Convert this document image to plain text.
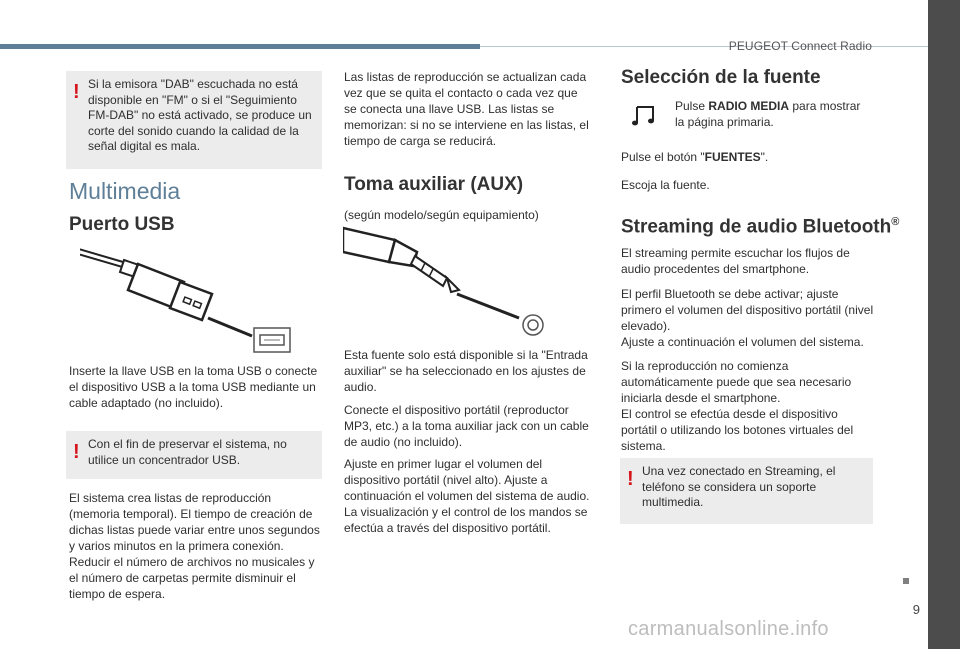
PEUGEOT Connect Radio
9
carmanualsonline.info
! Si la emisora "DAB" escuchada no está disponible en "FM" o si el "Seguimiento FM-DAB" no está activado, se produce un corte del sonido cuando la calidad de la señal digital es mala.

Multimedia
Puerto USB

Inserte la llave USB en la toma USB o conecte el dispositivo USB a la toma USB mediante un cable adaptado (no incluido).

! Con el fin de preservar el sistema, no utilice un concentrador USB.

El sistema crea listas de reproducción (memoria temporal). El tiempo de creación de dichas listas puede variar entre unos segundos y varios minutos en la primera conexión. Reducir el número de archivos no musicales y el número de carpetas permite disminuir el tiempo de espera.

Las listas de reproducción se actualizan cada vez que se quita el contacto o cada vez que se conecta una llave USB. Las listas se memorizan: si no se interviene en las listas, el tiempo de carga se reducirá.

Toma auxiliar (AUX)

(según modelo/según equipamiento)

Esta fuente solo está disponible si la "Entrada auxiliar" se ha seleccionado en los ajustes de audio.

Conecte el dispositivo portátil (reproductor MP3, etc.) a la toma auxiliar jack con un cable de audio (no incluido).

Ajuste en primer lugar el volumen del dispositivo portátil (nivel alto). Ajuste a continuación el volumen del sistema de audio. La visualización y el control de los mandos se efectúa a través del dispositivo portátil.

Selección de la fuente

Pulse RADIO MEDIA para mostrar la página primaria.

Pulse el botón "FUENTES".

Escoja la fuente.

Streaming de audio Bluetooth®

El streaming permite escuchar los flujos de audio procedentes del smartphone.

El perfil Bluetooth se debe activar; ajuste primero el volumen del dispositivo portátil (nivel elevado).

Ajuste a continuación el volumen del sistema.

Si la reproducción no comienza automáticamente puede que sea necesario iniciarla desde el smartphone.

El control se efectúa desde el dispositivo portátil o utilizando los botones virtuales del sistema.

! Una vez conectado en Streaming, el teléfono se considera un soporte multimedia.
